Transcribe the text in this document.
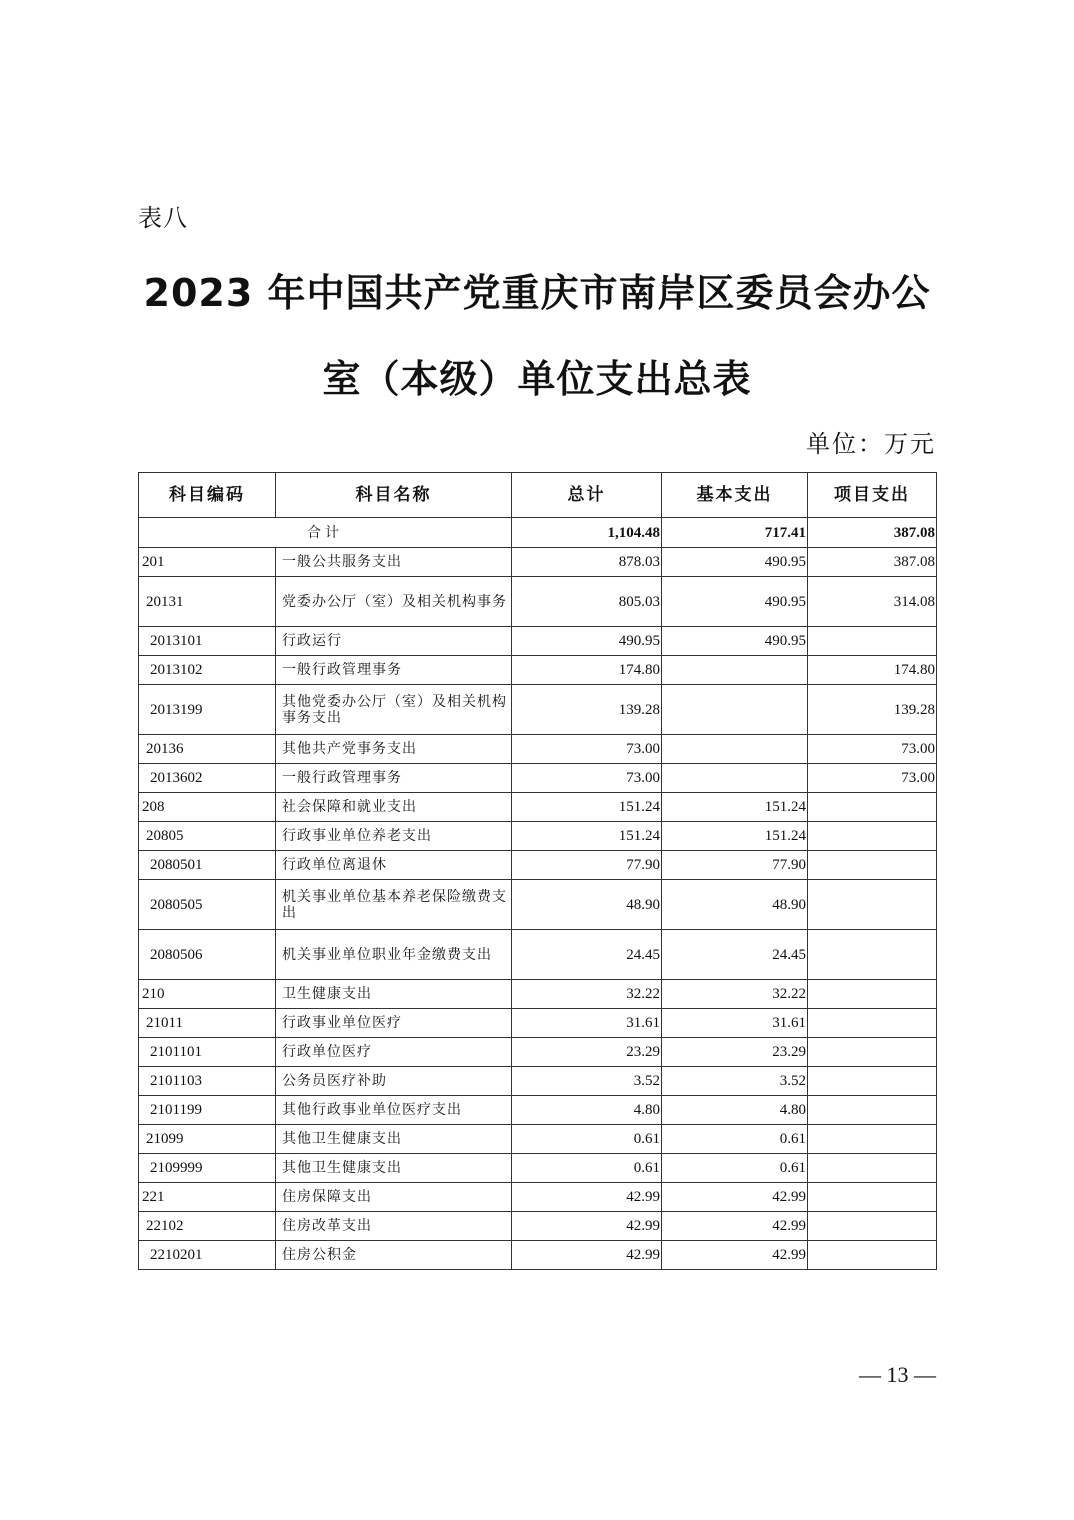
表八
2023 年中国共产党重庆市南岸区委员会办公
室（本级）单位支出总表
单位：万元
科目编码	科目名称	总计	基本支出	项目支出
合计		1,104.48	717.41	387.08
201	一般公共服务支出	878.03	490.95	387.08
20131	党委办公厅（室）及相关机构事务	805.03	490.95	314.08
2013101	行政运行	490.95	490.95	
2013102	一般行政管理事务	174.80		174.80
2013199	其他党委办公厅（室）及相关机构事务支出	139.28		139.28
20136	其他共产党事务支出	73.00		73.00
2013602	一般行政管理事务	73.00		73.00
208	社会保障和就业支出	151.24	151.24	
20805	行政事业单位养老支出	151.24	151.24	
2080501	行政单位离退休	77.90	77.90	
2080505	机关事业单位基本养老保险缴费支出	48.90	48.90	
2080506	机关事业单位职业年金缴费支出	24.45	24.45	
210	卫生健康支出	32.22	32.22	
21011	行政事业单位医疗	31.61	31.61	
2101101	行政单位医疗	23.29	23.29	
2101103	公务员医疗补助	3.52	3.52	
2101199	其他行政事业单位医疗支出	4.80	4.80	
21099	其他卫生健康支出	0.61	0.61	
2109999	其他卫生健康支出	0.61	0.61	
221	住房保障支出	42.99	42.99	
22102	住房改革支出	42.99	42.99	
2210201	住房公积金	42.99	42.99	
— 13 —
